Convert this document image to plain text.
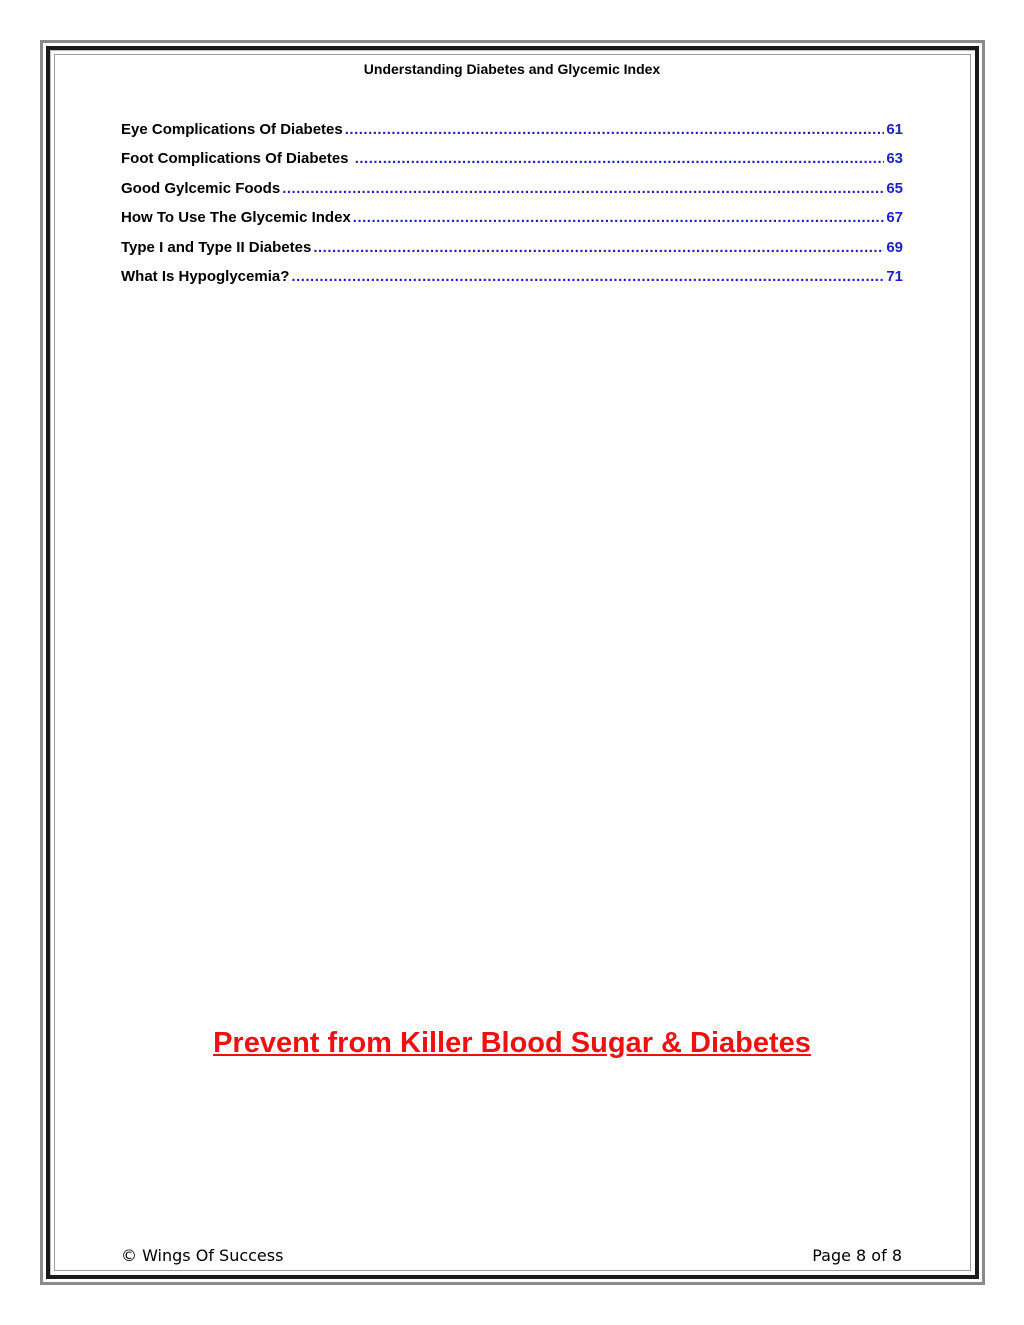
Understanding Diabetes and Glycemic Index
Eye Complications Of Diabetes .....	61
Foot Complications Of Diabetes .....	63
Good Gylcemic Foods .....	65
How To Use The Glycemic Index .....	67
Type I and Type II Diabetes .....	69
What Is Hypoglycemia? .....	71
Prevent from Killer Blood Sugar & Diabetes
© Wings Of Success	Page 8 of 8
